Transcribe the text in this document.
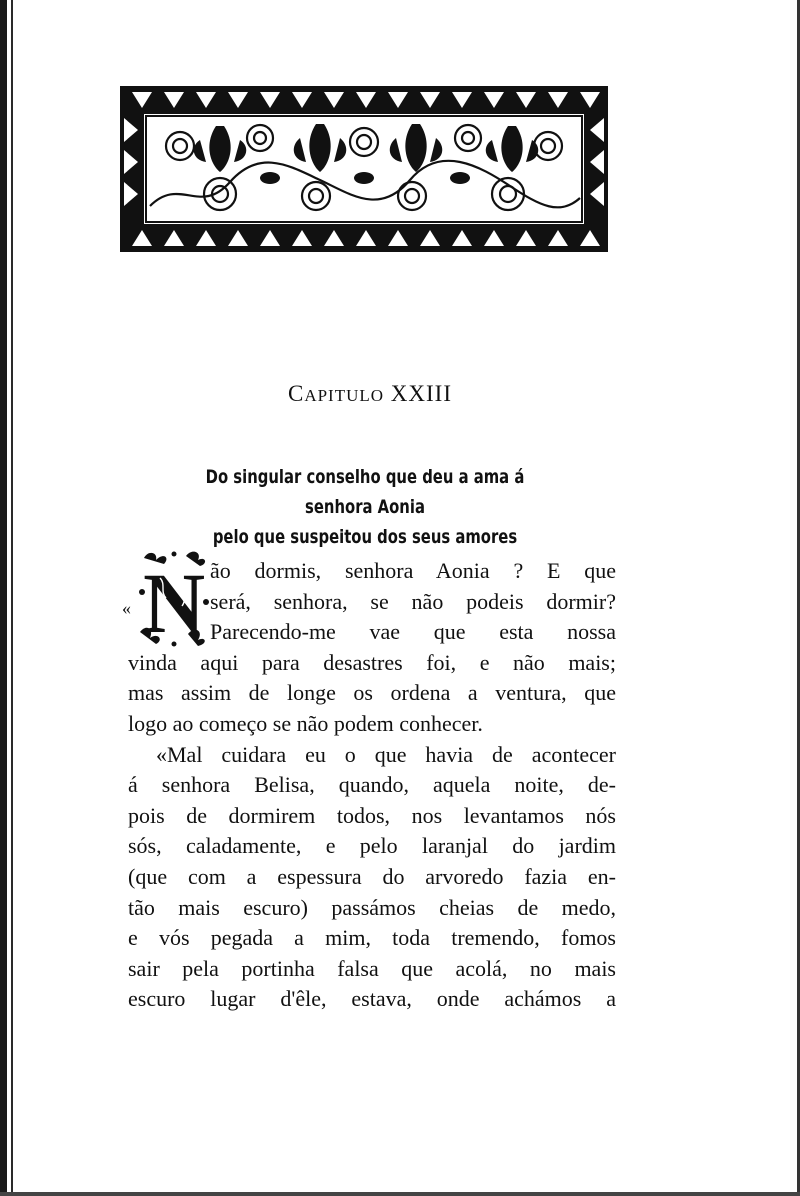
CAPITULO XXIII
Do singular conselho que deu a ama á senhora Aonia
pelo que suspeitou dos seus amores
« N ão dormis, senhora Aonia ? E que
será, senhora, se não podeis dormir?
Parecendo-me vae que esta nossa
vinda aqui para desastres foi, e não mais;
mas assim de longe os ordena a ventura, que
logo ao começo se não podem conhecer.
«Mal cuidara eu o que havia de acontecer
á senhora Belisa, quando, aquela noite, de-
pois de dormirem todos, nos levantamos nós
sós, caladamente, e pelo laranjal do jardim
(que com a espessura do arvoredo fazia en-
tão mais escuro) passámos cheias de medo,
e vós pegada a mim, toda tremendo, fomos
sair pela portinha falsa que acolá, no mais
escuro lugar d'êle, estava, onde achámos a
